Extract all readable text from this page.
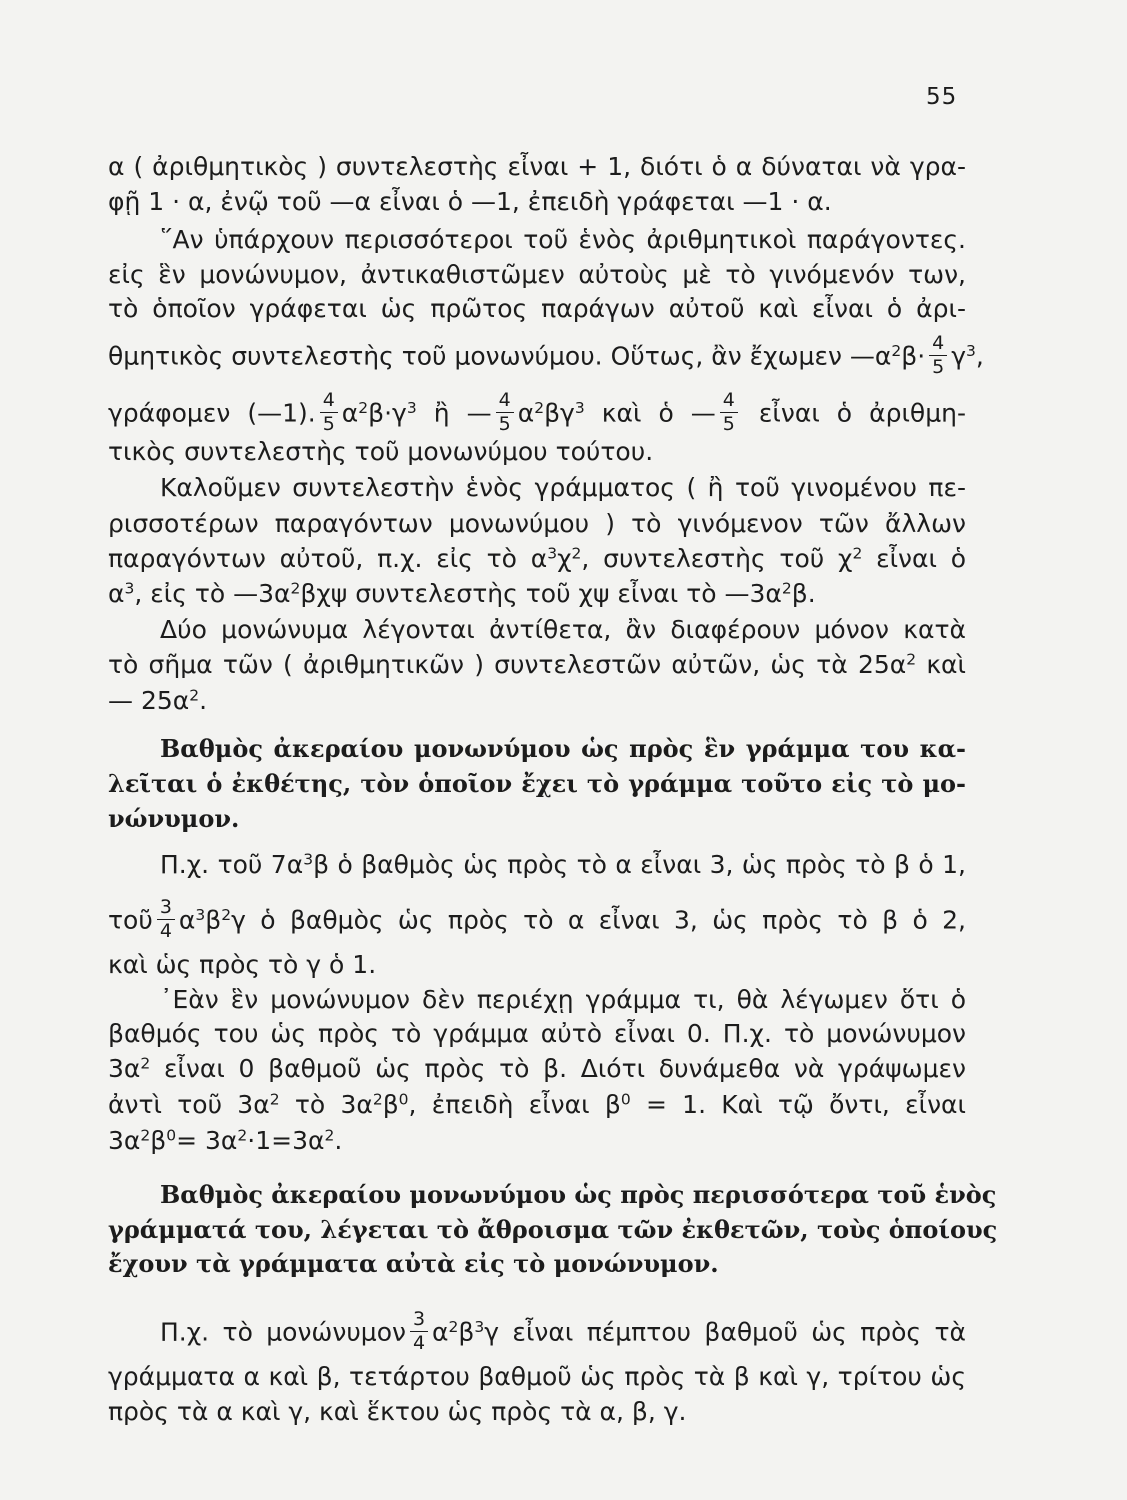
55
α ( ἀριθμητικὸς ) συντελεστὴς εἶναι + 1, διότι ὁ α δύναται νὰ γρα-
φῇ 1 · α, ἐνῷ τοῦ —α εἶναι ὁ —1, ἐπειδὴ γράφεται —1 · α.
῞Αν ὑπάρχουν περισσότεροι τοῦ ἑνὸς ἀριθμητικοὶ παράγοντες.
εἰς ἓν μονώνυμον, ἀντικαθιστῶμεν αὐτοὺς μὲ τὸ γινόμενόν των,
τὸ ὁποῖον γράφεται ὡς πρῶτος παράγων αὐτοῦ καὶ εἶναι ὁ ἀρι-
θμητικὸς συντελεστὴς τοῦ μονωνύμου. Οὕτως, ἂν ἔχωμεν $—\alpha^2\beta\cdot \frac{4}{5} \gamma^3$,
γράφομεν (—1). $\frac{4}{5} \alpha^2\beta\cdot\gamma^3$ ἢ — $\frac{4}{5} \alpha^2\beta\gamma^3$ καὶ ὁ — $\frac{4}{5}$ εἶναι ὁ ἀριθμη-
τικὸς συντελεστὴς τοῦ μονωνύμου τούτου.
Καλοῦμεν συντελεστὴν ἑνὸς γράμματος ( ἢ τοῦ γινομένου πε-
ρισσοτέρων παραγόντων μονωνύμου ) τὸ γινόμενον τῶν ἄλλων
παραγόντων αὐτοῦ, π.χ. εἰς τὸ $\alpha^3\chi^2$, συντελεστὴς τοῦ $\chi^2$ εἶναι ὁ
$\alpha^3$, εἰς τὸ $—3\alpha^2\beta\chi\psi$ συντελεστὴς τοῦ χψ εἶναι τὸ $—3\alpha^2\beta$.
Δύο μονώνυμα λέγονται ἀντίθετα, ἂν διαφέρουν μόνον κατὰ
τὸ σῆμα τῶν ( ἀριθμητικῶν ) συντελεστῶν αὐτῶν, ὡς τὰ $25\alpha^2$ καὶ
— $25\alpha^2$.
Βαθμὸς ἀκεραίου μονωνύμου ὡς πρὸς ἓν γράμμα του κα-
λεῖται ὁ ἐκθέτης, τὸν ὁποῖον ἔχει τὸ γράμμα τοῦτο εἰς τὸ μο-
νώνυμον.
Π.χ. τοῦ $7\alpha^3\beta$ ὁ βαθμὸς ὡς πρὸς τὸ α εἶναι 3, ὡς πρὸς τὸ β ὁ 1,
τοῦ $\frac{3}{4} \alpha^3\beta^2\gamma$ ὁ βαθμὸς ὡς πρὸς τὸ α εἶναι 3, ὡς πρὸς τὸ β ὁ 2,
καὶ ὡς πρὸς τὸ γ ὁ 1.
᾿Εὰν ἓν μονώνυμον δὲν περιέχῃ γράμμα τι, θὰ λέγωμεν ὅτι ὁ
βαθμός του ὡς πρὸς τὸ γράμμα αὐτὸ εἶναι 0. Π.χ. τὸ μονώνυμον
$3\alpha^2$ εἶναι 0 βαθμοῦ ὡς πρὸς τὸ β. Διότι δυνάμεθα νὰ γράψωμεν
ἀντὶ τοῦ $3\alpha^2$ τὸ $3\alpha^2\beta^0$, ἐπειδὴ εἶναι $\beta^0 = 1$. Καὶ τῷ ὄντι, εἶναι
$3\alpha^2\beta^0= 3\alpha^2\cdot 1=3\alpha^2$.
Βαθμὸς ἀκεραίου μονωνύμου ὡς πρὸς περισσότερα τοῦ ἑνὸς
γράμματά του, λέγεται τὸ ἄθροισμα τῶν ἐκθετῶν, τοὺς ὁποίους
ἔχουν τὰ γράμματα αὐτὰ εἰς τὸ μονώνυμον.
Π.χ. τὸ μονώνυμον $\frac{3}{4} \alpha^2\beta^3\gamma$ εἶναι πέμπτου βαθμοῦ ὡς πρὸς τὰ
γράμματα α καὶ β, τετάρτου βαθμοῦ ὡς πρὸς τὰ β καὶ γ, τρίτου ὡς
πρὸς τὰ α καὶ γ, καὶ ἕκτου ὡς πρὸς τὰ α, β, γ.
